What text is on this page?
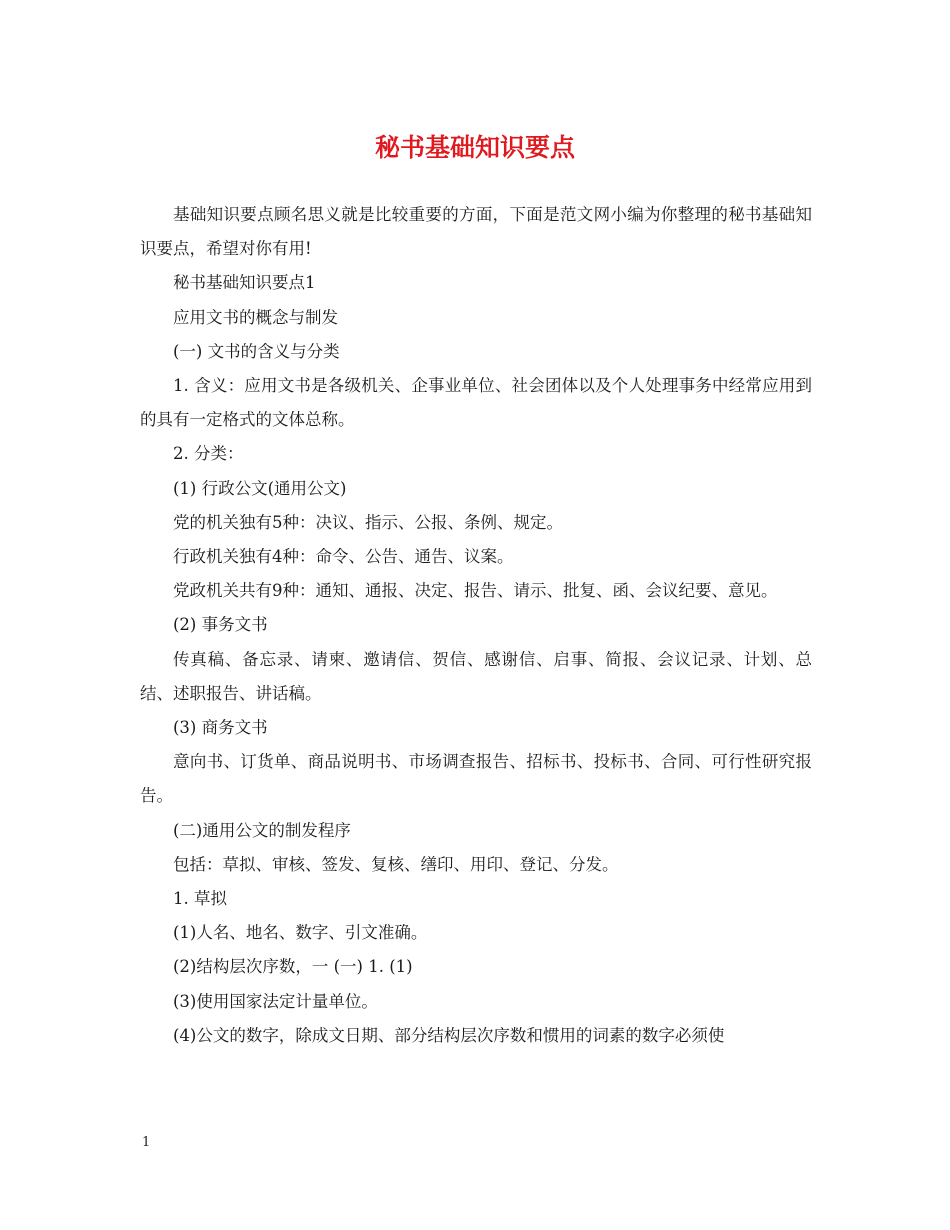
秘书基础知识要点

基础知识要点顾名思义就是比较重要的方面，下面是范文网小编为你整理的秘书基础知识要点，希望对你有用!

秘书基础知识要点1

应用文书的概念与制发

(一) 文书的含义与分类

1. 含义：应用文书是各级机关、企事业单位、社会团体以及个人处理事务中经常应用到的具有一定格式的文体总称。

2. 分类：

(1) 行政公文(通用公文)

党的机关独有5种：决议、指示、公报、条例、规定。

行政机关独有4种：命令、公告、通告、议案。

党政机关共有9种：通知、通报、决定、报告、请示、批复、函、会议纪要、意见。

(2) 事务文书

传真稿、备忘录、请柬、邀请信、贺信、感谢信、启事、简报、会议记录、计划、总结、述职报告、讲话稿。

(3) 商务文书

意向书、订货单、商品说明书、市场调查报告、招标书、投标书、合同、可行性研究报告。

(二)通用公文的制发程序

包括：草拟、审核、签发、复核、缮印、用印、登记、分发。

1. 草拟

(1)人名、地名、数字、引文准确。

(2)结构层次序数，一 (一) 1. (1)

(3)使用国家法定计量单位。

(4)公文的数字，除成文日期、部分结构层次序数和惯用的词素的数字必须使

1
